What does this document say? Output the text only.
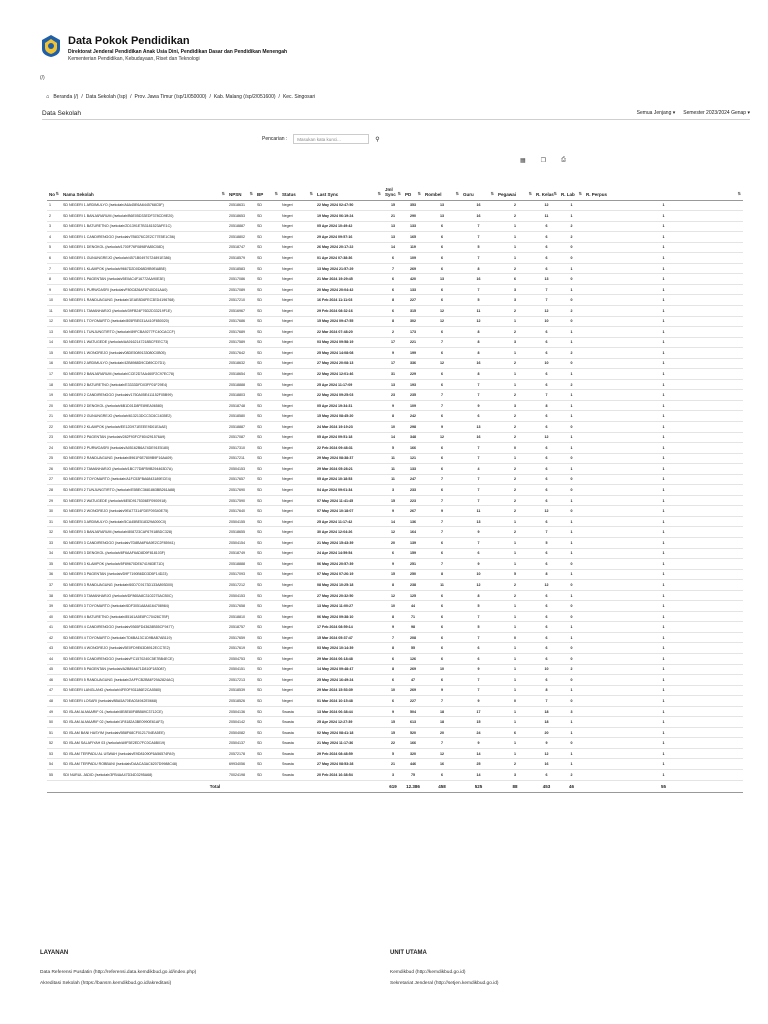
Data Pokok Pendidikan
Direktorat Jenderal Pendidikan Anak Usia Dini, Pendidikan Dasar dan Pendidikan Menengah
Kementerian Pendidikan, Kebudayaan, Riset dan Teknologi
(/)
⌂ Beranda (/) / Data Sekolah (/sp) / Prov. Jawa Timur (/sp/1/050000) / Kab. Malang (/sp/2/051600) / Kec. Singosari
Data Sekolah	Semua Jenjang ▾ Semester 2023/2024 Genap ▾
Pencarian :	Masukan kata kunci...	⚲
▦	❐	⎙
No ⇅	Nama Sekolah ⇅	NPSN ⇅	BP ⇅	Status ⇅	Last Sync ⇅	Jml Sync ⇅	PD ⇅	Rombel ⇅	Guru ⇅	Pegawai ⇅	R. Kelas ⇅	R. Lab ⇅	R. Perpus ⇅

1	SD NEGERI 1 ARDIMULYO (/sekolah/A6A45E6A6445768C5F)	20518631	SD	Negeri	22 May 2024 02:47:50	15	353	13	16	2	12	1	1
2	SD NEGERI 1 BANJARARUM (/sekolah/B6E05D33EDF378CD9E20)	20518653	SD	Negeri	19 May 2024 06:19:24	21	290	13	16	2	11	1	1
3	SD NEGERI 1 BATURETNO (/sekolah/2D1391E7B3181523AFE1C)	20518887	SD	Negeri	05 Apr 2024 10:49:42	13	133	6	7	1	6	2	1
4	SD NEGERI 1 CANDIRENGGO (/sekolah/7B8376C2E2C77E5E1C56)	20518802	SD	Negeri	29 Apr 2024 09:57:16	13	165	6	7	1	6	2	1
5	SD NEGERI 1 DENGKOL (/sekolah/1700F76F0898FA85C08D)	20518747	SD	Negeri	26 May 2024 20:17:22	14	119	6	5	1	6	0	1
6	SD NEGERI 1 GUNUNGREJO (/sekolah/4571B04970724891E386)	20518579	SD	Negeri	01 Apr 2024 07:38:36	6	109	6	7	1	6	0	1
7	SD NEGERI 1 KLAMPOK (/sekolah/9667D2D0D68D9B9EA8BE)	20518583	SD	Negeri	13 May 2024 21:57:29	7	269	6	8	2	6	1	1
8	SD NEGERI 1 PAGENTAN (/sekolah/5E0AC4F16772AA90E3E)	20517086	SD	Negeri	21 Mar 2024 19:29:45	6	420	13	16	6	13	0	1
9	SD NEGERI 1 PURWOASRI (/sekolah/F80C826AF8740C61AA0)	20517089	SD	Negeri	20 May 2024 20:04:42	6	133	6	7	3	7	1	1
10	SD NEGERI 1 RANDUAGUNG (/sekolah/1EAE8D6FEC3ED4196768)	20517210	SD	Negeri	16 Feb 2024 11:11:03	8	227	6	5	3	7	0	1
11	SD NEGERI 1 TAMANHARJO (/sekolah/39FB24F76D2D33219F1E)	20516967	SD	Negeri	29 Feb 2024 08:32:16	6	315	12	11	2	12	2	1
12	SD NEGERI 1 TOYOMARTO (/sekolah/805FBE031A410F850020)	20517686	SD	Negeri	15 May 2024 09:47:55	8	302	12	12	1	10	0	1
13	SD NEGERI 1 TUNJUNGTIRTO (/sekolah/89FCBA9277FC40CACCF)	20517689	SD	Negeri	22 Mar 2024 07:48:20	2	173	6	8	2	6	1	1
14	SD NEGERI 1 WATUGEDE (/sekolah/AA9162147218BCFEEC73)	20517589	SD	Negeri	03 May 2024 09:58:19	17	221	7	8	3	6	1	1
15	SD NEGERI 1 WONOREJO (/sekolah/08DE5089133080C0B05)	20517642	SD	Negeri	25 May 2024 14:08:08	9	199	6	8	1	6	2	1
16	SD NEGERI 2 ARDIMULYO (/sekolah/42B8988D9CD89CD7D1)	20518632	SD	Negeri	27 May 2024 20:08:13	17	336	12	16	2	10	0	1
17	SD NEGERI 2 BANJARARUM (/sekolah/CCE2D7AA460F2C97EC78)	20518654	SD	Negeri	22 May 2024 12:01:46	31	229	6	8	1	6	1	1
18	SD NEGERI 2 BATURETNO (/sekolah/E3333DFD03FF01F29E4)	20518888	SD	Negeri	25 Apr 2024 11:17:09	13	193	6	7	1	6	2	1
19	SD NEGERI 2 CANDIRENGGO (/sekolah/1750A05E411152F05B99)	20518803	SD	Negeri	22 May 2024 09:25:03	23	235	7	7	2	7	1	1
20	SD NEGERI 2 DENGKOL (/sekolah/6B1D01D8FE89EA06580)	20518748	SD	Negeri	05 Apr 2024 19:34:31	9	109	7	9	3	8	1	1
21	SD NEGERI 2 GUNUNGREJO (/sekolah/613213DCC3C6C1635E2)	20518580	SD	Negeri	15 May 2024 08:45:20	8	242	6	6	2	6	1	1
22	SD NEGERI 2 KLAMPOK (/sekolah/EE12D971EEEE9D01EAAE)	20518887	SD	Negeri	24 Mar 2024 19:19:23	10	298	9	13	2	6	0	1
23	SD NEGERI 2 PAGENTAN (/sekolah/282F93FCF804291576A9)	20517087	SD	Negeri	05 Apr 2024 09:51:18	14	348	12	16	2	12	1	1
24	SD NEGERI 2 PURWOASRI (/sekolah/A05162B6A74DE91E5180)	20517310	SD	Negeri	22 Feb 2024 09:48:31	5	166	6	7	0	6	1	1
25	SD NEGERI 2 RANDUAGUNG (/sekolah/8961F6E7809B9F16AA09)	20517211	SD	Negeri	29 May 2024 08:38:37	11	121	6	7	1	6	0	1
26	SD NEGERI 2 TAMANHARJO (/sekolah/1BC77D8FB9B294463D7A)	20504153	SD	Negeri	29 Mar 2024 05:28:21	11	133	6	4	2	6	1	1
27	SD NEGERI 2 TOYOMARTO (/sekolah/A1FC53FBA6843189ECE4)	20517657	SD	Negeri	05 Apr 2024 10:18:53	11	247	7	7	2	6	0	1
28	SD NEGERI 2 TUNJUNGTIRTO (/sekolah/E5BEC3681863BB261A88)	20517690	SD	Negeri	04 Apr 2024 09:01:34	3	233	6	7	2	6	0	1
29	SD NEGERI 2 WATUGEDE (/sekolah/6E5D9175306EF0900918)	20517590	SD	Negeri	07 May 2024 11:41:45	15	223	7	7	2	6	1	1
30	SD NEGERI 2 WONOREJO (/sekolah/9EA77314FDEF09340E75)	20517640	SD	Negeri	07 May 2024 10:18:07	9	267	9	11	2	12	0	1
31	SD NEGERI 3 ARDIMULYO (/sekolah/5CA45BE518329A000C0)	20504155	SD	Negeri	25 Apr 2024 11:17:42	14	136	7	13	1	6	1	1
32	SD NEGERI 3 BANJARARUM (/sekolah/808723CAF67918BDC328)	20518655	SD	Negeri	30 Apr 2024 12:04:26	12	164	7	9	2	7	1	1
33	SD NEGERI 3 CANDIRENGGO (/sekolah/7D8BA6F6A9E2C2F85941)	20504154	SD	Negeri	21 May 2024 15:43:39	20	139	6	7	1	5	1	1
34	SD NEGERI 3 DENGKOL (/sekolah/8F6AAF6AD8D9F818103F)	20518749	SD	Negeri	24 Apr 2024 14:59:54	6	159	6	6	1	6	1	1
35	SD NEGERI 3 KLAMPOK (/sekolah/5F89670DE6741983E71D)	20518888	SD	Negeri	06 May 2024 20:57:39	9	251	7	9	1	6	0	1
36	SD NEGERI 3 PAGENTAN (/sekolah/D9F7190B6DD3D5F14D23)	20517093	SD	Negeri	07 May 2024 07:26:19	15	250	8	10	5	8	1	1
37	SD NEGERI 3 RANDUAGUNG (/sekolah/60D7C9173D133A893D00)	20517212	SD	Negeri	08 May 2024 10:25:18	8	238	11	12	2	12	0	1
38	SD NEGERI 3 TAMANHARJO (/sekolah/DF865A8C3102275ACB0C)	20504153	SD	Negeri	27 May 2024 20:32:50	12	125	6	8	2	6	1	1
39	SD NEGERI 3 TOYOMARTO (/sekolah/6DF3051A8A6164708984)	20517658	SD	Negeri	13 May 2024 11:00:27	10	44	6	5	1	6	0	1
40	SD NEGERI 4 BATURETNO (/sekolah/85161A5E8FC70428C7BF)	20518810	SD	Negeri	06 May 2024 09:38:10	8	71	6	7	1	6	0	1
41	SD NEGERI 4 CANDIRENGGO (/sekolah/9365FD43628B55CF9477)	20518757	SD	Negeri	17 Feb 2024 08:59:14	9	98	6	5	1	6	1	1
42	SD NEGERI 4 TOYOMARTO (/sekolah/7D6BA13C1D9BAB7AB119)	20517659	SD	Negeri	15 Mar 2024 05:37:47	7	208	6	7	0	6	1	1
43	SD NEGERI 4 WONOREJO (/sekolah/5E0FD9E63D8912ECC7E2)	20517619	SD	Negeri	03 May 2024 10:14:39	8	55	6	6	1	6	0	1
44	SD NEGERI 5 CANDIRENGGO (/sekolah/FC1570240C5E7BB4ECE)	20504753	SD	Negeri	29 Mar 2024 06:18:48	6	126	6	6	1	6	0	1
45	SD NEGERI 5 PAGENTAN (/sekolah/A2B89A671D810F183087)	20504151	SD	Negeri	14 May 2024 09:48:47	8	269	10	9	1	10	2	1
46	SD NEGERI 5 RANDUAGUNG (/sekolah/2AFFCB2B84F29A2824AC)	20517213	SD	Negeri	25 May 2024 16:49:24	6	47	6	7	1	6	0	1
47	SD NEGERI LANGLANG (/sekolah/4FE0F931186E2CA5580)	20518539	SD	Negeri	29 Mar 2024 15:53:39	10	269	9	7	1	8	1	1
48	SD NEGERI LOSARI (/sekolah/8BA5A70EA034942E0668)	20518526	SD	Negeri	01 Mar 2024 10:15:48	6	227	7	9	0	7	0	1
49	SD ISLAM ALMAARIF 01 (/sekolah/8E8E80F8BB89C3712CE)	20504136	SD	Swasta	13 Mar 2024 06:38:44	9	504	18	17	1	18	3	1
50	SD ISLAM ALMAARIF 02 (/sekolah/1F8182A3BE0990E61AF3)	20504142	SD	Swasta	25 Apr 2024 12:27:39	15	613	18	15	1	18	1	1
51	SD ISLAM BANI HASYIM (/sekolah/5B8F68CF0121704EA5EE)	20504082	SD	Swasta	02 May 2024 08:41:18	15	520	20	24	6	20	1	1
52	SD ISLAM SALAFIYAH 03 (/sekolah/A9F5E2ED7FC0CA6B019)	20504137	SD	Swasta	21 May 2024 11:17:36	22	166	7	9	1	9	0	1
53	SD ISLAM TERPADU AL USWAH (/sekolah/E9D81090F6A56574FA9)	20572178	SD	Swasta	29 Feb 2024 08:48:59	5	320	12	14	1	12	1	1
54	SD ISLAM TERPADU ROBBANI (/sekolah/DAACA3AC6207D9988C48)	69934056	SD	Swasta	27 May 2024 08:53:28	21	446	16	25	2	16	1	1
55	SDI NURUL JADID (/sekolah/3FB4AA47D34D3295A68)	70024198	SD	Swasta	20 Feb 2024 16:38:54	3	75	6	14	3	6	2	1
Total						619	12.386	458	525	88	453	46	55
LAYANAN

Data Referensi Pusdatin (http://referensi.data.kemdikbud.go.id/index.php)

Akreditasi Sekolah (https://bansm.kemdikbud.go.id/akreditasi)

UNIT UTAMA

Kemdikbud (http://kemdikbud.go.id)

Sekretariat Jenderal (http://setjen.kemdikbud.go.id)
